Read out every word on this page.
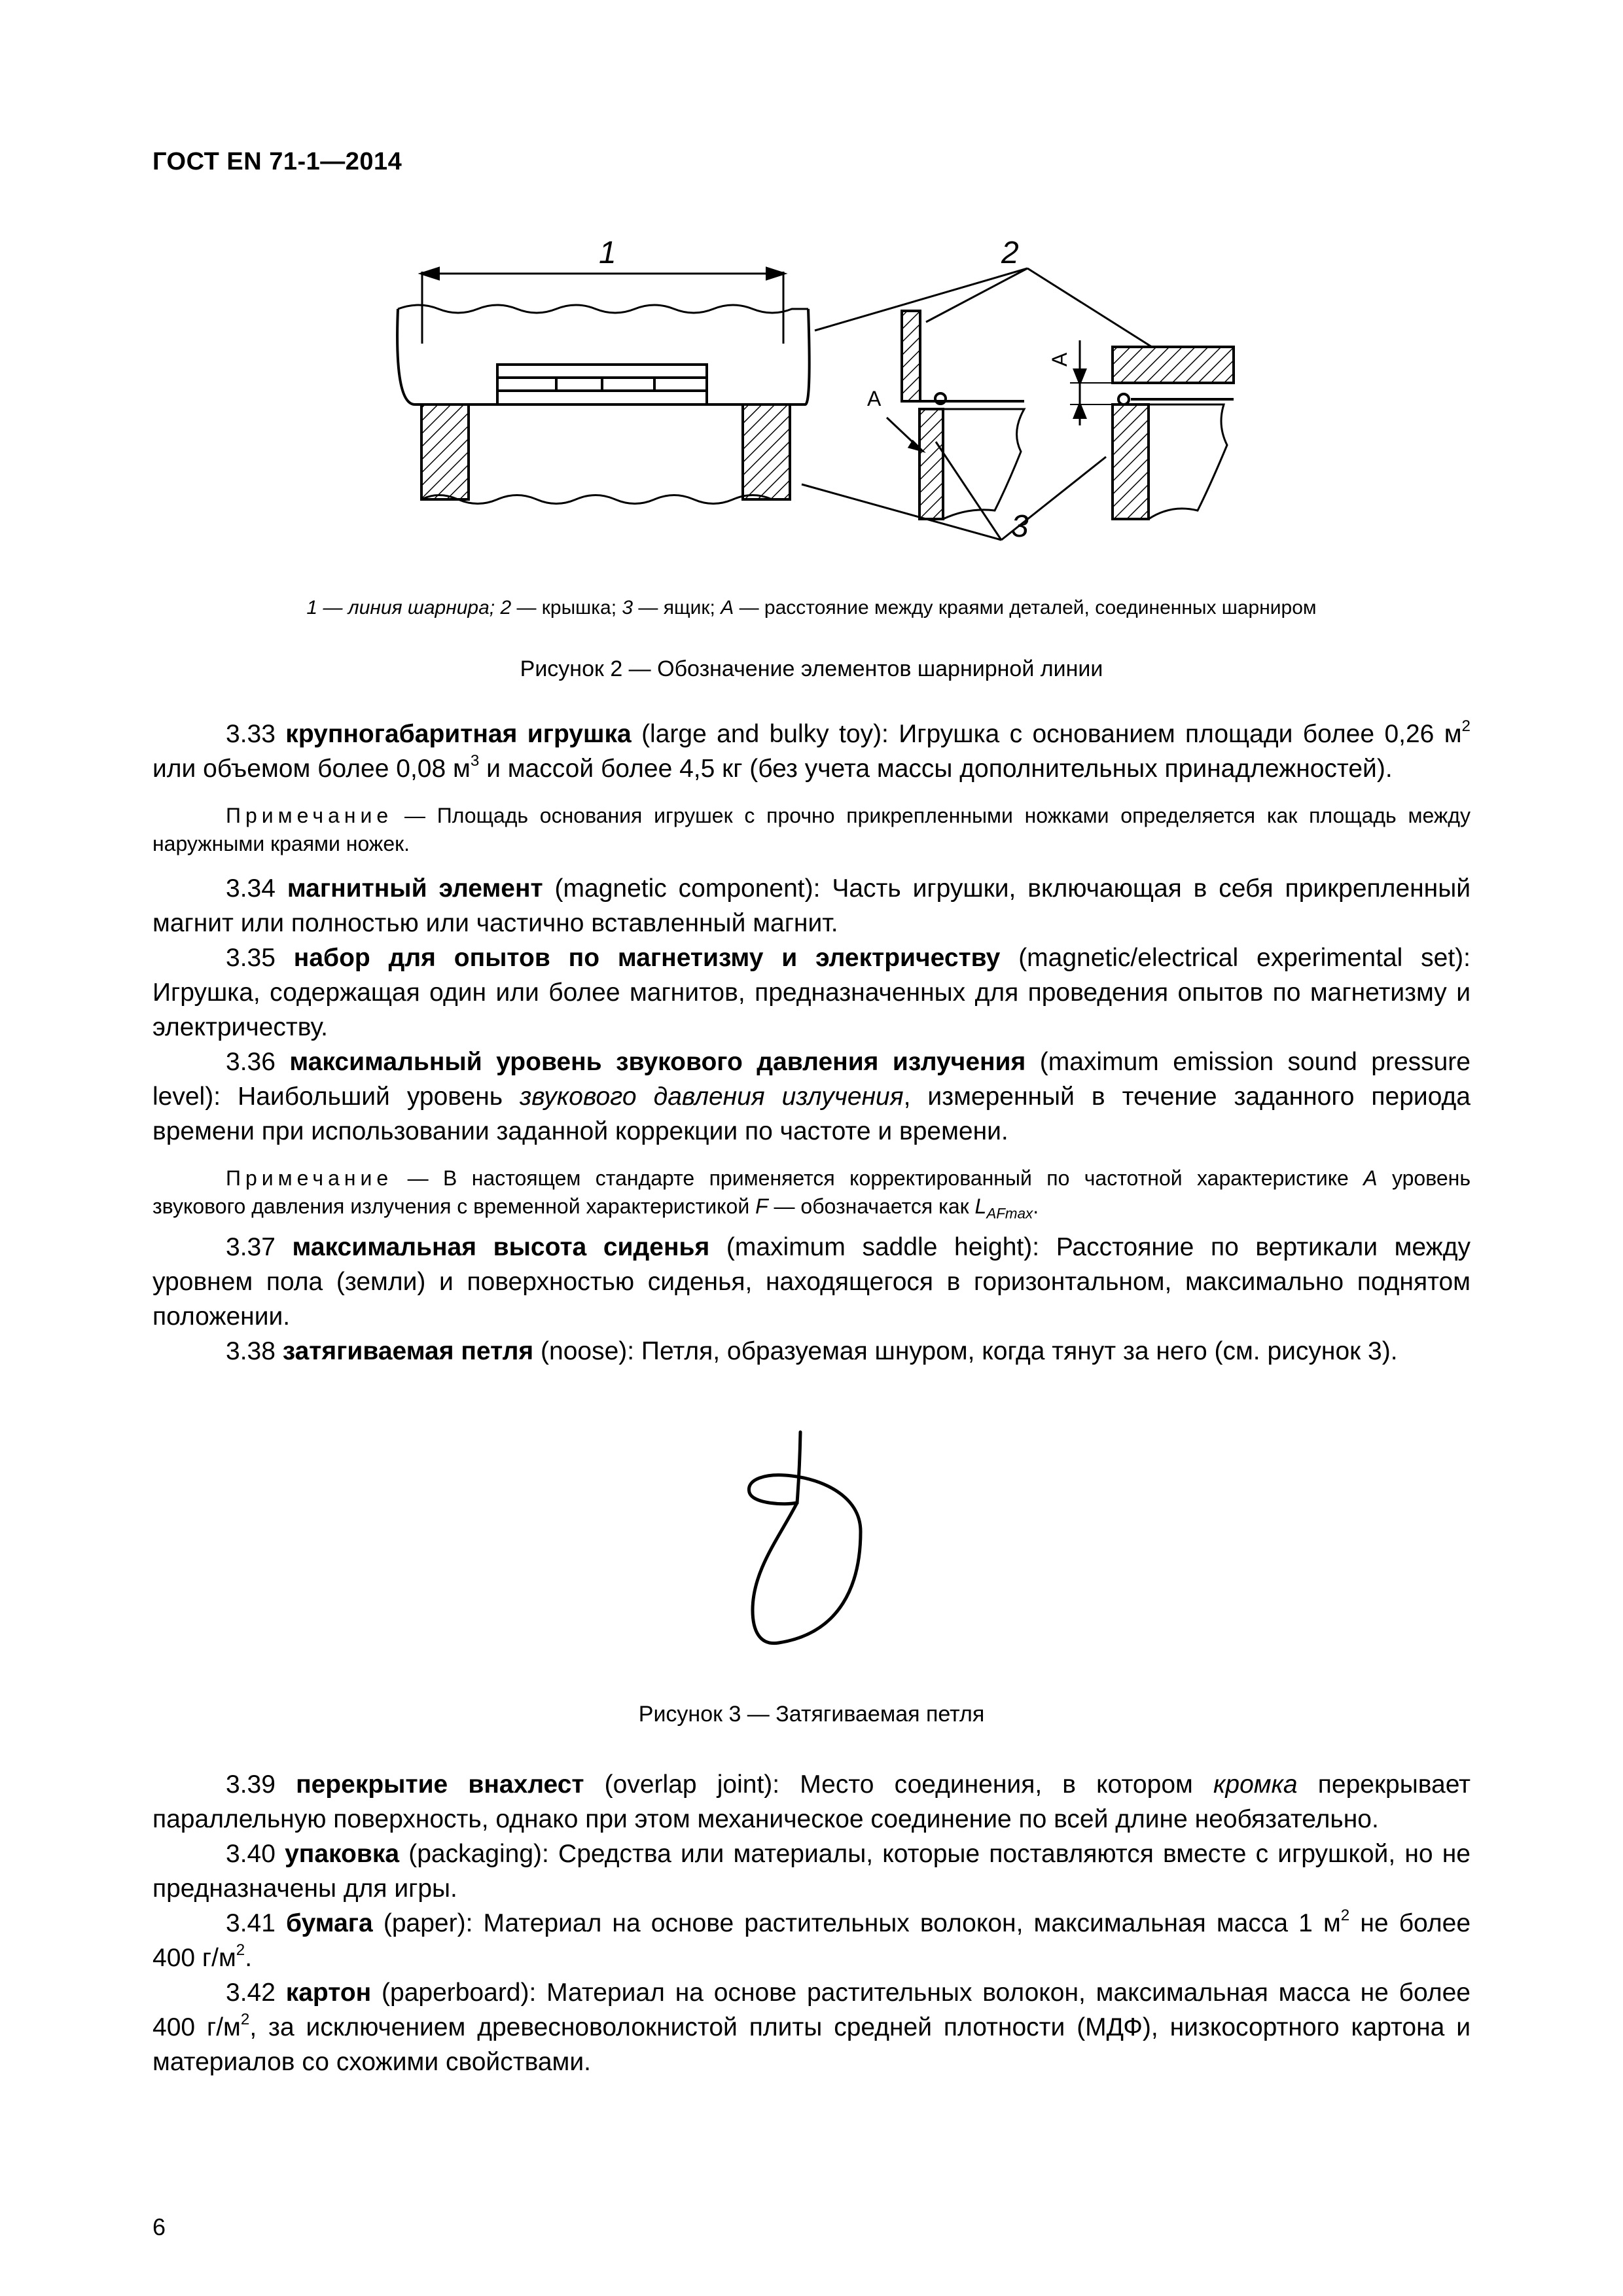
ГОСТ EN 71-1—2014
1	2
3
A
A
1 — линия шарнира; 2 — крышка; 3 — ящик; A — расстояние между краями деталей, соединенных шарниром
Рисунок 2 — Обозначение элементов шарнирной линии

3.33 крупногабаритная игрушка (large and bulky toy): Игрушка с основанием площади более 0,26 $м^2$ или объемом более 0,08 $м^3$ и массой более 4,5 кг (без учета массы дополнительных принадлежностей).

Примечание — Площадь основания игрушек с прочно прикрепленными ножками определяется как площадь между наружными краями ножек.

3.34 магнитный элемент (magnetic component): Часть игрушки, включающая в себя прикрепленный магнит или полностью или частично вставленный магнит.

3.35 набор для опытов по магнетизму и электричеству (magnetic/electrical experimental set): Игрушка, содержащая один или более магнитов, предназначенных для проведения опытов по магнетизму и электричеству.

3.36 максимальный уровень звукового давления излучения (maximum emission sound pressure level): Наибольший уровень звукового давления излучения, измеренный в течение заданного периода времени при использовании заданной коррекции по частоте и времени.

Примечание — В настоящем стандарте применяется корректированный по частотной характеристике A уровень звукового давления излучения с временной характеристикой F — обозначается как $L_{AFmax}$.

3.37 максимальная высота сиденья (maximum saddle height): Расстояние по вертикали между уровнем пола (земли) и поверхностью сиденья, находящегося в горизонтальном, максимально поднятом положении.

3.38 затягиваемая петля (noose): Петля, образуемая шнуром, когда тянут за него (см. рисунок 3).

Рисунок 3 — Затягиваемая петля

3.39 перекрытие внахлест (overlap joint): Место соединения, в котором кромка перекрывает параллельную поверхность, однако при этом механическое соединение по всей длине необязательно.

3.40 упаковка (packaging): Средства или материалы, которые поставляются вместе с игрушкой, но не предназначены для игры.

3.41 бумага (paper): Материал на основе растительных волокон, максимальная масса 1 $м^2$ не более 400 $г/м^2$.

3.42 картон (paperboard): Материал на основе растительных волокон, максимальная масса не более 400 $г/м^2$, за исключением древесноволокнистой плиты средней плотности (МДФ), низкосортного картона и материалов со схожими свойствами.

6
